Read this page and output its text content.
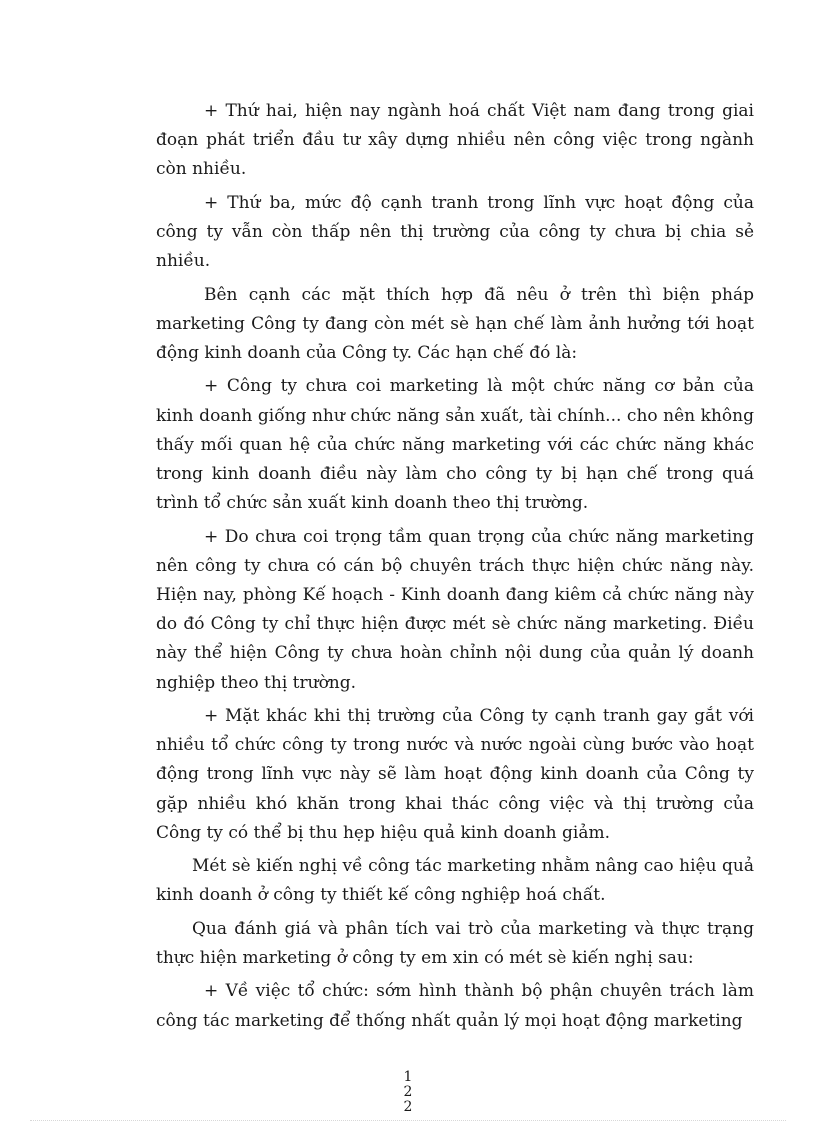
+ Thứ hai, hiện nay ngành hoá chất Việt nam đang trong giai đoạn phát triển đầu tư xây dựng nhiều nên công việc trong ngành còn nhiều.

+ Thứ ba, mức độ cạnh tranh trong lĩnh vực hoạt động của công ty vẫn còn thấp nên thị trường của công ty chưa bị chia sẻ nhiều.

Bên cạnh các mặt thích hợp đã nêu ở trên thì biện pháp marketing Công ty đang còn mét sè hạn chế làm ảnh hưởng tới hoạt động kinh doanh của Công ty. Các hạn chế đó là:

+ Công ty chưa coi marketing là một chức năng cơ bản của kinh doanh giống như chức năng sản xuất, tài chính... cho nên không thấy mối quan hệ của chức năng marketing với các chức năng khác trong kinh doanh điều này làm cho công ty bị hạn chế trong quá trình tổ chức sản xuất kinh doanh theo thị trường.

+ Do chưa coi trọng tầm quan trọng của chức năng marketing nên công ty chưa có cán bộ chuyên trách thực hiện chức năng này. Hiện nay, phòng Kế hoạch - Kinh doanh đang kiêm cả chức năng này do đó Công ty chỉ thực hiện được mét sè chức năng marketing. Điều này thể hiện Công ty chưa hoàn chỉnh nội dung của quản lý doanh nghiệp theo thị trường.

+ Mặt khác khi thị trường của Công ty cạnh tranh gay gắt với nhiều tổ chức công ty trong nước và nước ngoài cùng bước vào hoạt động trong lĩnh vực này sẽ làm hoạt động kinh doanh của Công ty gặp nhiều khó khăn trong khai thác công việc và thị trường của Công ty có thể bị thu hẹp hiệu quả kinh doanh giảm.

Mét sè kiến nghị về công tác marketing nhằm nâng cao hiệu quả kinh doanh ở công ty thiết kế công nghiệp hoá chất.

Qua đánh giá và phân tích vai trò của marketing và thực trạng thực hiện marketing ở công ty em xin có mét sè kiến nghị sau:

+ Về việc tổ chức: sớm hình thành bộ phận chuyên trách làm công tác marketing để thống nhất quản lý mọi hoạt động marketing

1
2
2
